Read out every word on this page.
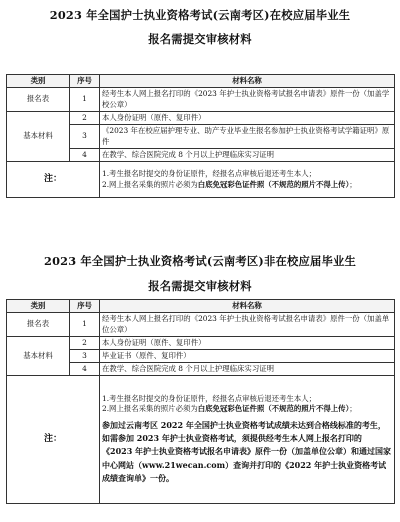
2023 年全国护士执业资格考试(云南考区)在校应届毕业生
报名需提交审核材料
类别	序号	材料名称
报名表	1	经考生本人网上报名打印的《2023 年护士执业资格考试报名申请表》原件一份（加盖学校公章）
基本材料	2	本人身份证明（原件、复印件）
	3	《2023 年在校应届护理专业、助产专业毕业生报名参加护士执业资格考试学籍证明》原件
	4	在教学、综合医院完成 8 个月以上护理临床实习证明
注：		1.考生报名时提交的身份证原件，经报名点审核后退还考生本人；
2.网上报名采集的照片必须为白底免冠彩色证件照（不规范的照片不得上传）；
2023 年全国护士执业资格考试(云南考区)非在校应届毕业生
报名需提交审核材料
类别	序号	材料名称
报名表	1	经考生本人网上报名打印的《2023 年护士执业资格考试报名申请表》原件一份（加盖单位公章）
基本材料	2	本人身份证明（原件、复印件）
	3	毕业证书（原件、复印件）
	4	在教学、综合医院完成 8 个月以上护理临床实习证明
注：		1.考生报名时提交的身份证原件，经报名点审核后退还考生本人；
2.网上报名采集的照片必须为白底免冠彩色证件照（不规范的照片不得上传）；
参加过云南考区 2022 年全国护士执业资格考试成绩未达到合格线标准的考生，如需参加 2023 年护士执业资格考试，须提供经考生本人网上报名打印的《2023 年护士执业资格考试报名申请表》原件一份（加盖单位公章）和通过国家中心网站（www.21wecan.com）查询并打印的《2022 年护士执业资格考试成绩查询单》一份。
